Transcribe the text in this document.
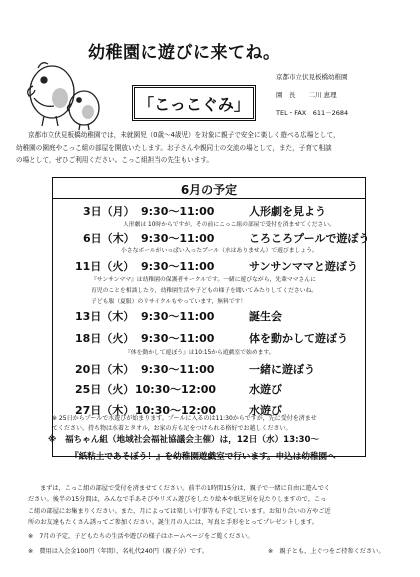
幼稚園に遊びに来てね。
「こっこぐみ」
京都市立伏見板橋幼稚園
園　長　　二川 恵理
TEL・FAX　611－2684
京都市立伏見板橋幼稚園では，未就園児（0歳～4歳児）を対象に親子で安全に楽しく遊べる広場として，
幼稚園の園庭やこっこ組の部屋を開放いたします。お子さんや親同士の交流の場として，また，子育て相談
の場として，ぜひご利用ください。こっこ組担当の先生もいます。
6月の予定
3日（月） 9:30～11:00	人形劇を見よう
人形劇は 10時からですが，その前にこっこ組の部屋で受付を済ませてください。
6日（木） 9:30～11:00	ころころプールで遊ぼう
小さなボールがいっぱい入ったプール（水はありません）で遊びましょう。
11日（火） 9:30～11:00	サンサンママと遊ぼう
『サンサンママ』は幼稚園の保護者サークルです。一緒に遊びながら，先輩ママさんに
育児のことを相談したり，幼稚園生活や子どもの様子を聞いてみたりしてくださいね。
子ども服（夏服）のリサイクルもやっています，無料です！
13日（木） 9:30～11:00	誕生会
18日（火） 9:30～11:00	体を動かして遊ぼう
『体を動かして遊ぼう』は10:15から遊戯室で始めます。
20日（木） 9:30～11:00	一緒に遊ぼう
25日（火） 10:30～12:00	水遊び
27日（木） 10:30～12:00	水遊び
※ 25日からプールで水遊びが始まります。プールに入るのは11:30からですが，先に受付を済ませ
てください。持ち物は水着とタオル，お家の方も足をつけられる格好でお越しください。
※　福ちゃん組（地域社会福祉協議会主催）は，12日（水）13:30～
『紙粘土であそぼう！』を幼稚園遊戯室で行います。申込は幼稚園へ
まずは，こっこ組の部屋で受付を済ませてください。前半の1時間15分は，親子で一緒に自由に遊んでく
ださい。後半の15分間は，みんなで手あそびやリズム遊びをしたり絵本や紙芝居を見たりしますので，こっ
こ組の部屋にお集まりください。また，月によっては楽しい行事等も予定しています。お知り合いの方やご近
所のお友達もたくさん誘ってご参加ください。誕生月の人には，写真と手形をとってプレゼントします。
※　7月の予定，子どもたちの生活や遊びの様子はホームページをご覧ください。
※　費用は入会金100円（年間），名札代240円（親子分）です。	※　親子とも，上ぐつをご持参ください。
